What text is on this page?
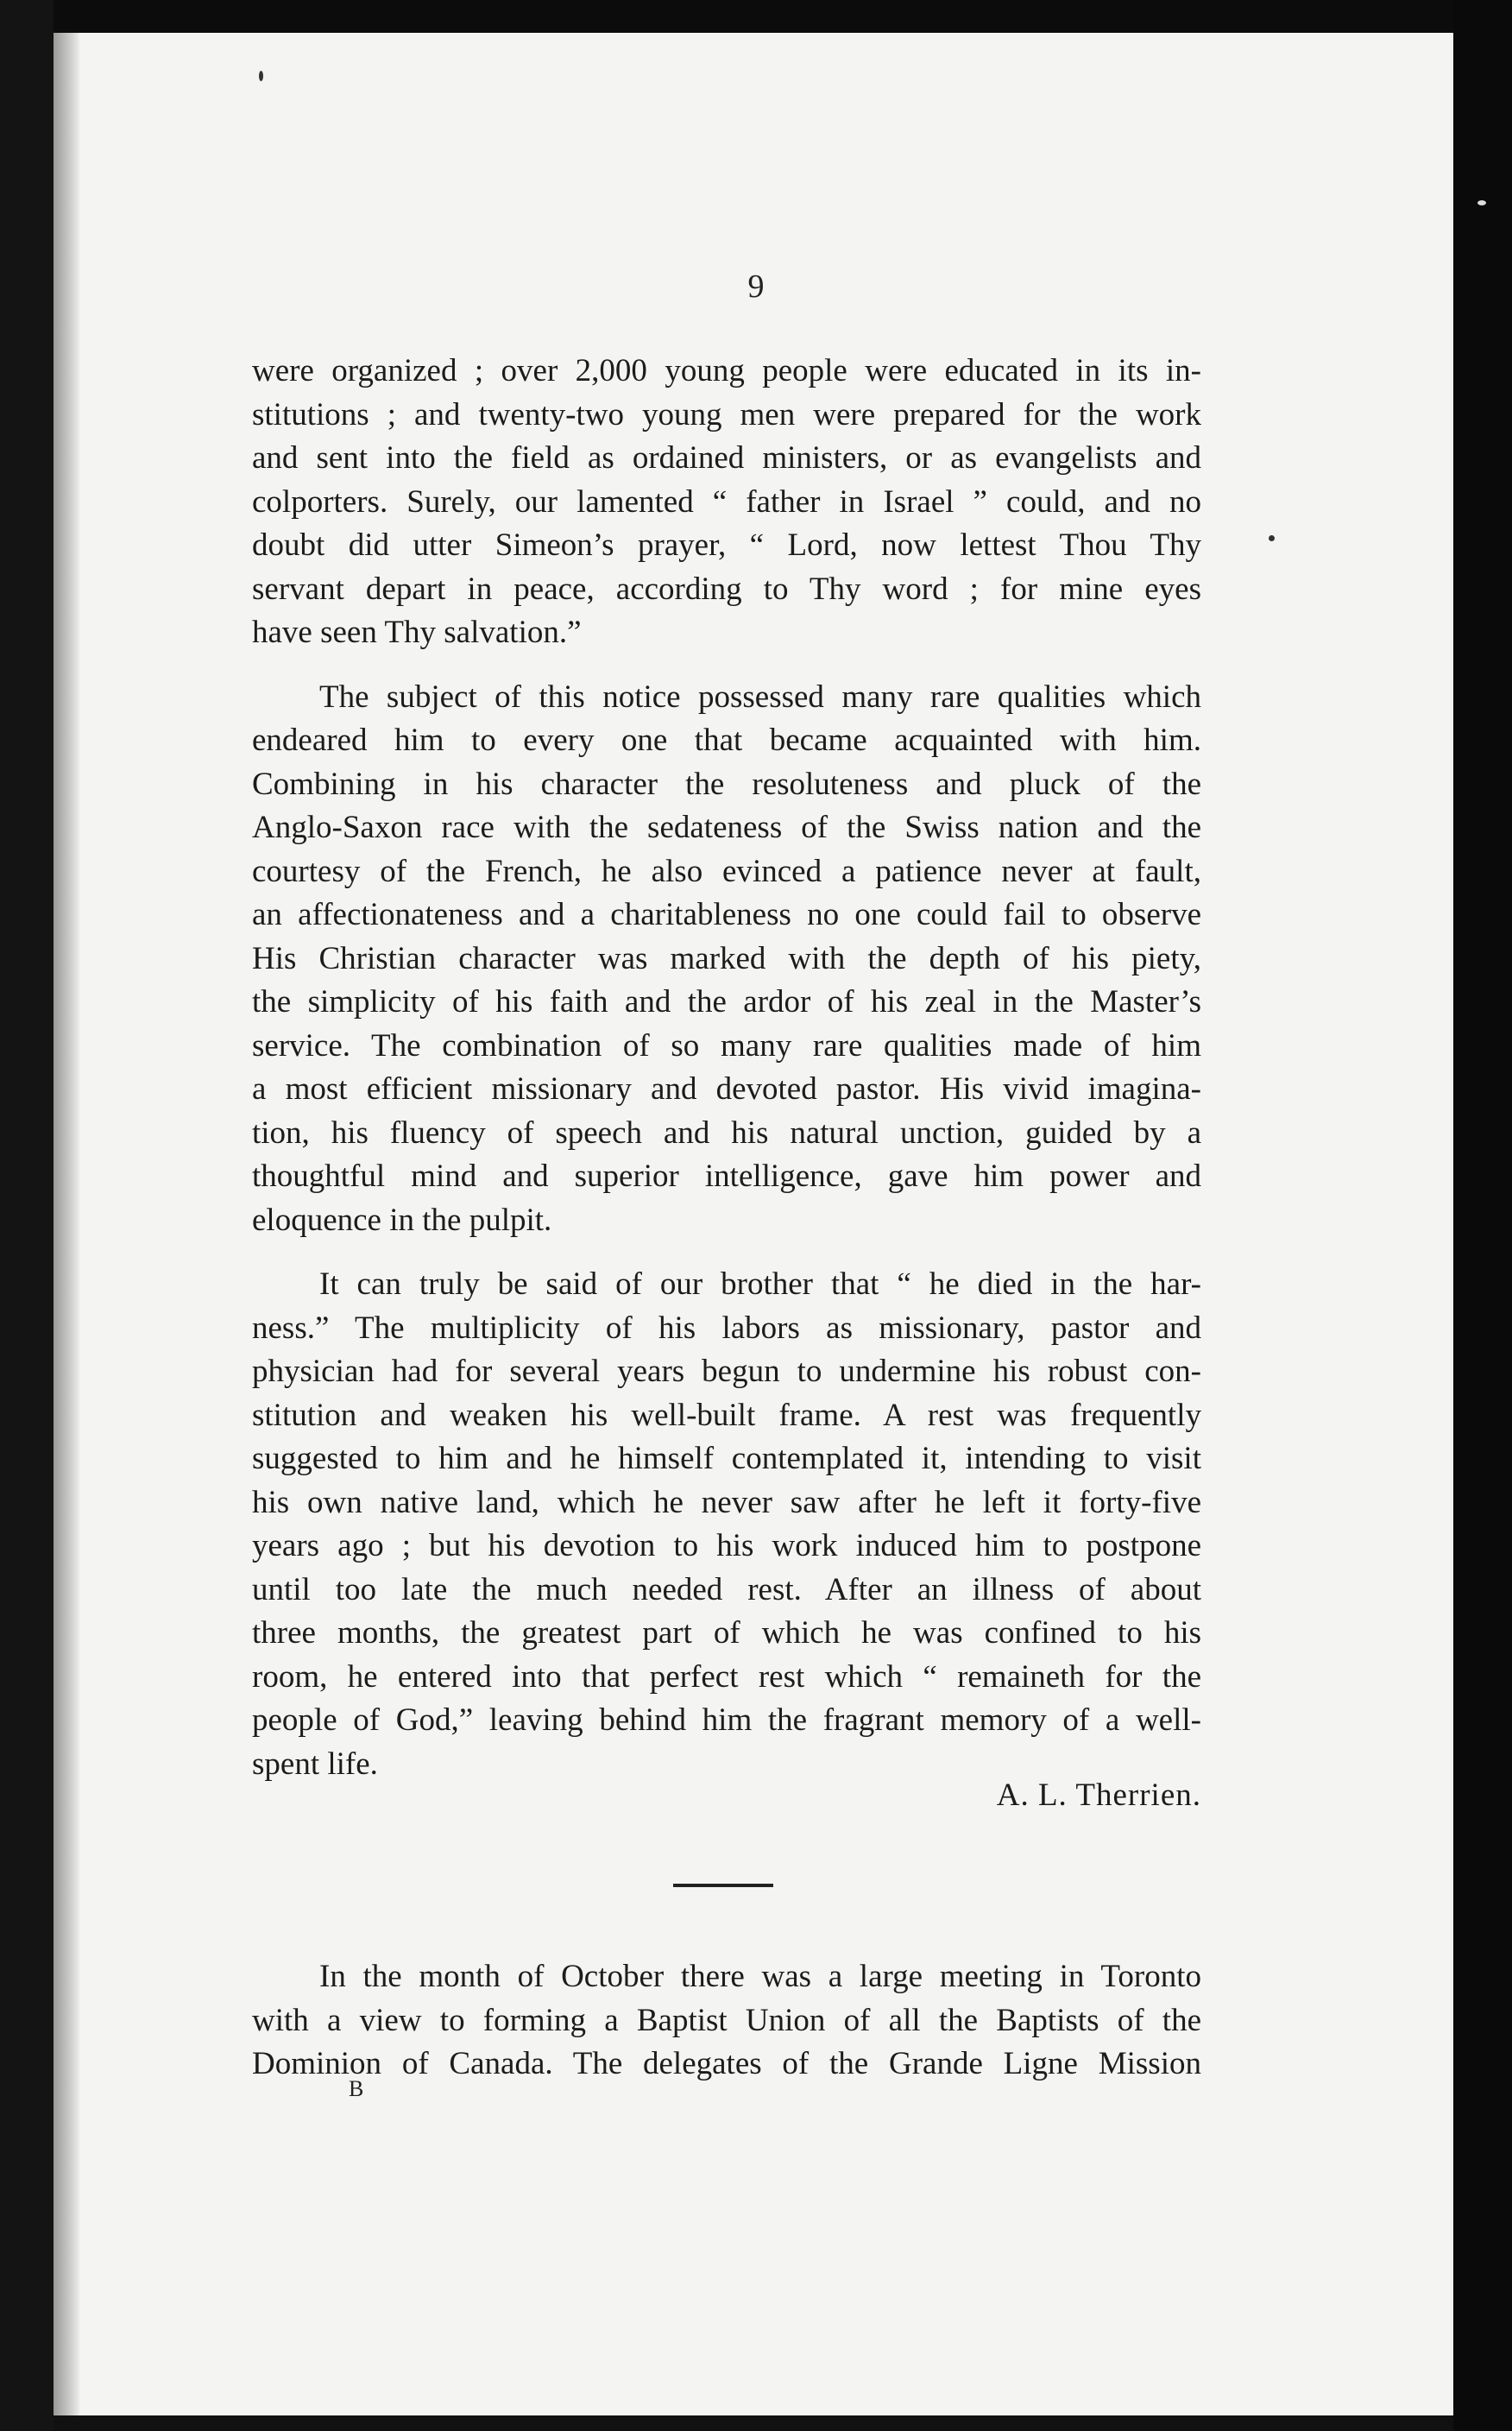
9
were organized ; over 2,000 young people were educated in its in-
stitutions ; and twenty-two young men were prepared for the work
and sent into the field as ordained ministers, or as evangelists and
colporters. Surely, our lamented “ father in Israel ” could, and no
doubt did utter Simeon’s prayer, “ Lord, now lettest Thou Thy
servant depart in peace, according to Thy word ; for mine eyes
have seen Thy salvation.”
The subject of this notice possessed many rare qualities which
endeared him to every one that became acquainted with him.
Combining in his character the resoluteness and pluck of the
Anglo-Saxon race with the sedateness of the Swiss nation and the
courtesy of the French, he also evinced a patience never at fault,
an affectionateness and a charitableness no one could fail to observe
His Christian character was marked with the depth of his piety,
the simplicity of his faith and the ardor of his zeal in the Master’s
service. The combination of so many rare qualities made of him
a most efficient missionary and devoted pastor. His vivid imagina-
tion, his fluency of speech and his natural unction, guided by a
thoughtful mind and superior intelligence, gave him power and
eloquence in the pulpit.
It can truly be said of our brother that “ he died in the har-
ness.” The multiplicity of his labors as missionary, pastor and
physician had for several years begun to undermine his robust con-
stitution and weaken his well-built frame. A rest was frequently
suggested to him and he himself contemplated it, intending to visit
his own native land, which he never saw after he left it forty-five
years ago ; but his devotion to his work induced him to postpone
until too late the much needed rest. After an illness of about
three months, the greatest part of which he was confined to his
room, he entered into that perfect rest which “ remaineth for the
people of God,” leaving behind him the fragrant memory of a well-
spent life.
A. L. Therrien.
In the month of October there was a large meeting in Toronto
with a view to forming a Baptist Union of all the Baptists of the
Dominion of Canada. The delegates of the Grande Ligne Mission
B
